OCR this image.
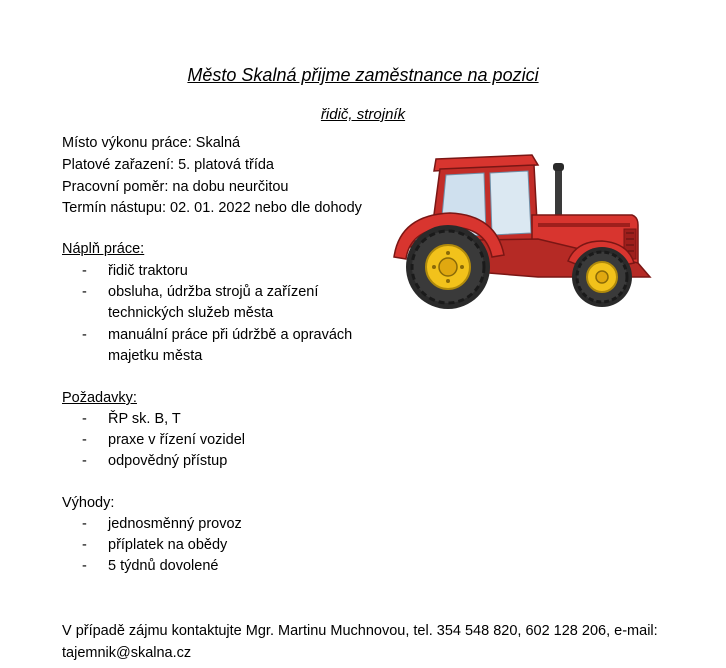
Město Skalná přijme zaměstnance na pozici
řidič, strojník
Místo výkonu práce: Skalná
Platové zařazení: 5. platová třída
Pracovní poměr: na dobu neurčitou
Termín nástupu: 02. 01. 2022 nebo dle dohody
Náplň práce:
- řidič traktoru
- obsluha, údržba strojů a zařízení technických služeb města
- manuální práce při údržbě a opravách majetku města
Požadavky:
- ŘP sk. B, T
- praxe v řízení vozidel
- odpovědný přístup
Výhody:
- jednosměnný provoz
- příplatek na obědy
- 5 týdnů dovolené
V případě zájmu kontaktujte Mgr. Martinu Muchnovou, tel. 354 548 820, 602 128 206, e-mail: tajemnik@skalna.cz
